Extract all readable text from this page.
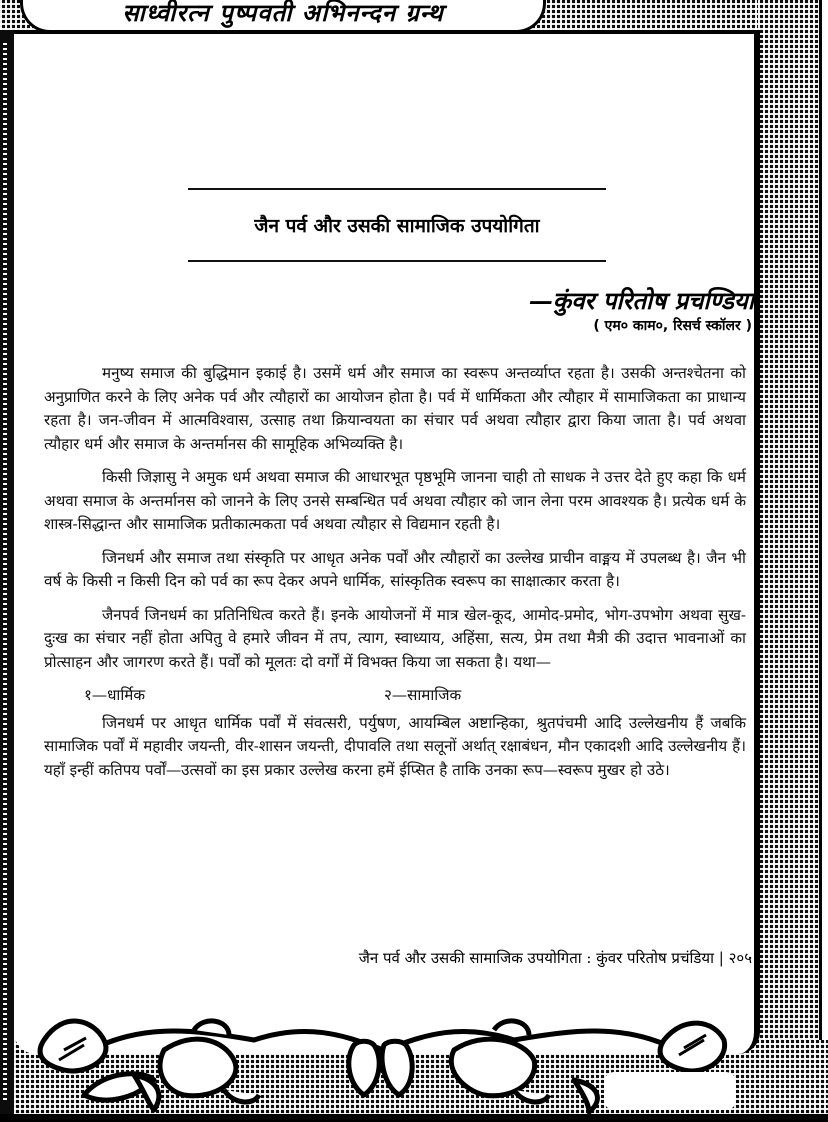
साध्वीरत्न पुष्पवती अभिनन्दन ग्रन्थ
जैन पर्व और उसकी सामाजिक उपयोगिता
—कुंवर परितोष प्रचण्डिया
( एम० काम०, रिसर्च स्कॉलर )

मनुष्य समाज की बुद्धिमान इकाई है। उसमें धर्म और समाज का स्वरूप अन्तर्व्याप्त रहता है। उसकी अन्तश्चेतना को अनुप्राणित करने के लिए अनेक पर्व और त्यौहारों का आयोजन होता है। पर्व में धार्मिकता और त्यौहार में सामाजिकता का प्राधान्य रहता है। जन-जीवन में आत्मविश्वास, उत्साह तथा क्रियान्वयता का संचार पर्व अथवा त्यौहार द्वारा किया जाता है। पर्व अथवा त्यौहार धर्म और समाज के अन्तर्मानस की सामूहिक अभिव्यक्ति है।

किसी जिज्ञासु ने अमुक धर्म अथवा समाज की आधारभूत पृष्ठभूमि जानना चाही तो साधक ने उत्तर देते हुए कहा कि धर्म अथवा समाज के अन्तर्मानस को जानने के लिए उनसे सम्बन्धित पर्व अथवा त्यौहार को जान लेना परम आवश्यक है। प्रत्येक धर्म के शास्त्र-सिद्धान्त और सामाजिक प्रतीकात्मकता पर्व अथवा त्यौहार से विद्यमान रहती है।

जिनधर्म और समाज तथा संस्कृति पर आधृत अनेक पर्वों और त्यौहारों का उल्लेख प्राचीन वाङ्मय में उपलब्ध है। जैन भी वर्ष के किसी न किसी दिन को पर्व का रूप देकर अपने धार्मिक, सांस्कृतिक स्वरूप का साक्षात्कार करता है।

जैनपर्व जिनधर्म का प्रतिनिधित्व करते हैं। इनके आयोजनों में मात्र खेल-कूद, आमोद-प्रमोद, भोग-उपभोग अथवा सुख-दुःख का संचार नहीं होता अपितु वे हमारे जीवन में तप, त्याग, स्वाध्याय, अहिंसा, सत्य, प्रेम तथा मैत्री की उदात्त भावनाओं का प्रोत्साहन और जागरण करते हैं। पर्वों को मूलतः दो वर्गों में विभक्त किया जा सकता है। यथा—

१—धार्मिक	२—सामाजिक

जिनधर्म पर आधृत धार्मिक पर्वों में संवत्सरी, पर्युषण, आयम्बिल अष्टान्हिका, श्रुतपंचमी आदि उल्लेखनीय हैं जबकि सामाजिक पर्वों में महावीर जयन्ती, वीर-शासन जयन्ती, दीपावलि तथा सलूनों अर्थात् रक्षाबंधन, मौन एकादशी आदि उल्लेखनीय हैं। यहाँ इन्हीं कतिपय पर्वों—उत्सवों का इस प्रकार उल्लेख करना हमें ईप्सित है ताकि उनका रूप—स्वरूप मुखर हो उठे।

जैन पर्व और उसकी सामाजिक उपयोगिता : कुंवर परितोष प्रचंडिया | २०५
